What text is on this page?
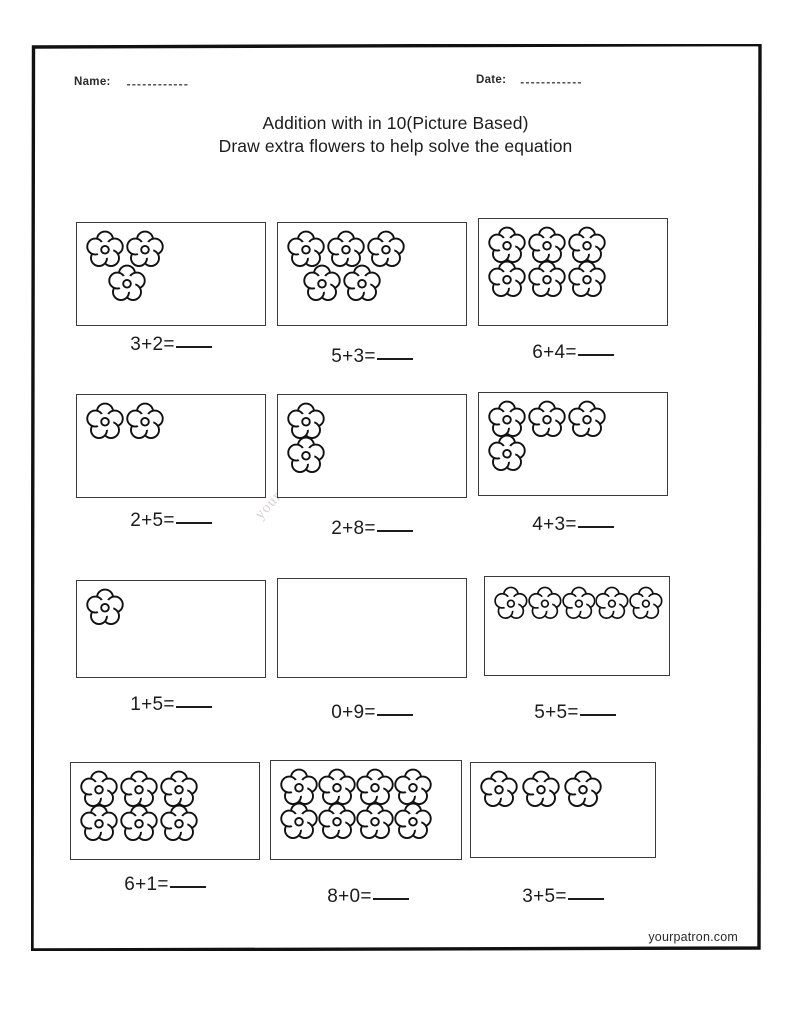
Name: ------------	Date: ------------
Addition with in 10(Picture Based)
Draw extra flowers to help solve the equation
3+2=
5+3=	6+4=
2+5=	2+8=	4+3=
1+5=	0+9=	5+5=
6+1=
8+0=	3+5=
yourpatron.com
